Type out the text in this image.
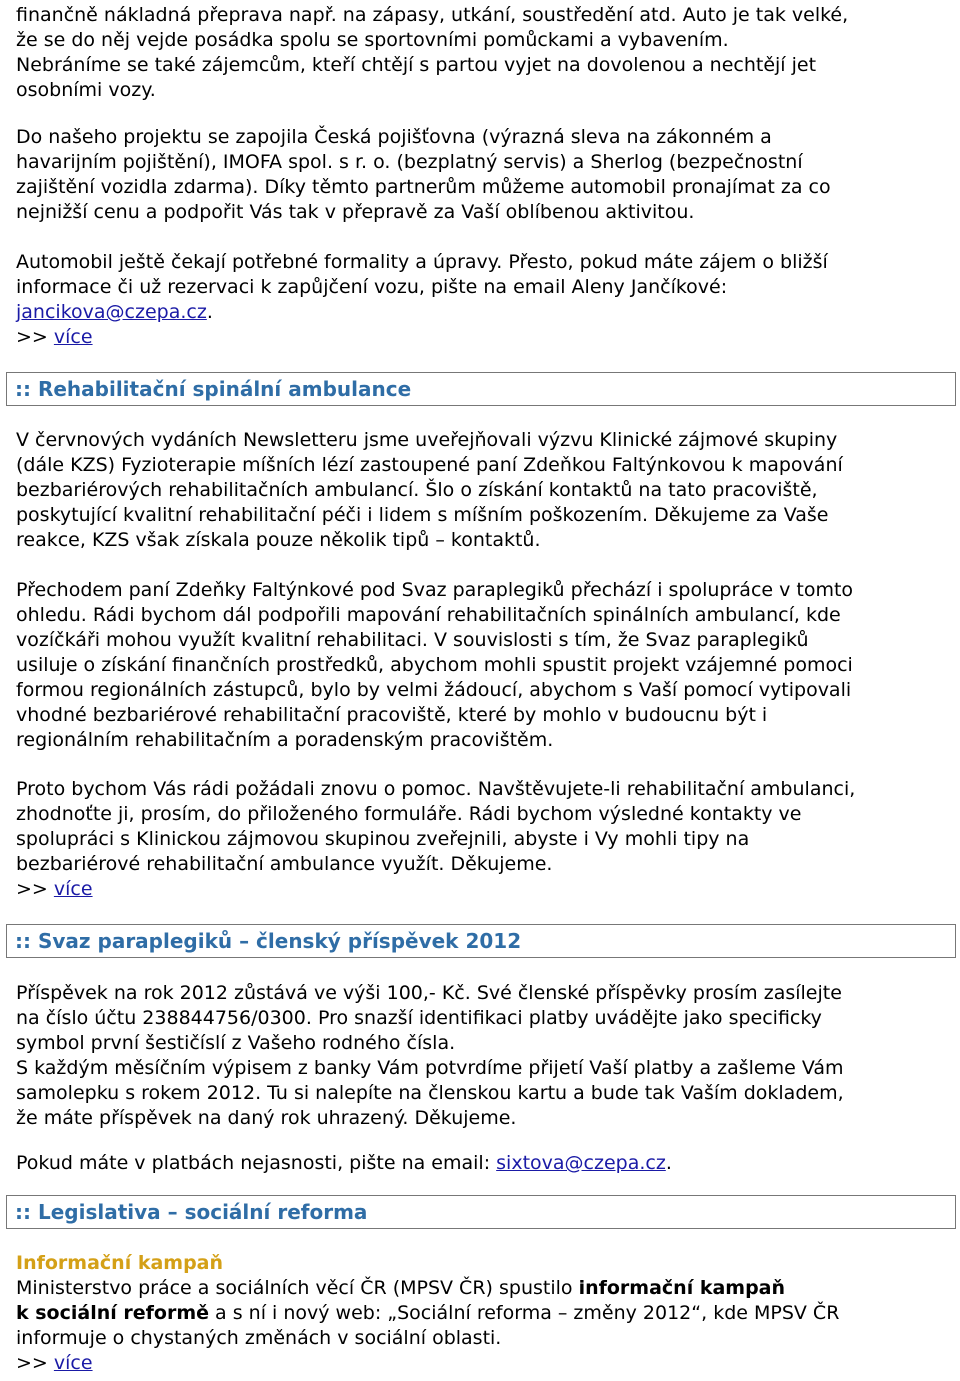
finančně nákladná přeprava např. na zápasy, utkání, soustředění atd. Auto je tak velké,

že se do něj vejde posádka spolu se sportovními pomůckami a vybavením.

Nebráníme se také zájemcům, kteří chtějí s partou vyjet na dovolenou a nechtějí jet

osobními vozy.

Do našeho projektu se zapojila Česká pojišťovna (výrazná sleva na zákonném a

havarijním pojištění), IMOFA spol. s r. o. (bezplatný servis) a Sherlog (bezpečnostní

zajištění vozidla zdarma). Díky těmto partnerům můžeme automobil pronajímat za co

nejnižší cenu a podpořit Vás tak v přepravě za Vaší oblíbenou aktivitou.

Automobil ještě čekají potřebné formality a úpravy. Přesto, pokud máte zájem o bližší

informace či už rezervaci k zapůjčení vozu, pište na email Aleny Jančíkové:

jancikova@czepa.cz.

>> více

:: Rehabilitační spinální ambulance

V červnových vydáních Newsletteru jsme uveřejňovali výzvu Klinické zájmové skupiny

(dále KZS) Fyzioterapie míšních lézí zastoupené paní Zdeňkou Faltýnkovou k mapování

bezbariérových rehabilitačních ambulancí. Šlo o získání kontaktů na tato pracoviště,

poskytující kvalitní rehabilitační péči i lidem s míšním poškozením. Děkujeme za Vaše

reakce, KZS však získala pouze několik tipů – kontaktů.

Přechodem paní Zdeňky Faltýnkové pod Svaz paraplegiků přechází i spolupráce v tomto

ohledu. Rádi bychom dál podpořili mapování rehabilitačních spinálních ambulancí, kde

vozíčkáři mohou využít kvalitní rehabilitaci. V souvislosti s tím, že Svaz paraplegiků

usiluje o získání finančních prostředků, abychom mohli spustit projekt vzájemné pomoci

formou regionálních zástupců, bylo by velmi žádoucí, abychom s Vaší pomocí vytipovali

vhodné bezbariérové rehabilitační pracoviště, které by mohlo v budoucnu být i

regionálním rehabilitačním a poradenským pracovištěm.

Proto bychom Vás rádi požádali znovu o pomoc. Navštěvujete-li rehabilitační ambulanci,

zhodnoťte ji, prosím, do přiloženého formuláře. Rádi bychom výsledné kontakty ve

spolupráci s Klinickou zájmovou skupinou zveřejnili, abyste i Vy mohli tipy na

bezbariérové rehabilitační ambulance využít. Děkujeme.

>> více

:: Svaz paraplegiků – členský příspěvek 2012

Příspěvek na rok 2012 zůstává ve výši 100,- Kč. Své členské příspěvky prosím zasílejte

na číslo účtu 238844756/0300. Pro snazší identifikaci platby uvádějte jako specificky

symbol první šestičíslí z Vašeho rodného čísla.

S každým měsíčním výpisem z banky Vám potvrdíme přijetí Vaší platby a zašleme Vám

samolepku s rokem 2012. Tu si nalepíte na členskou kartu a bude tak Vaším dokladem,

že máte příspěvek na daný rok uhrazený. Děkujeme.

Pokud máte v platbách nejasnosti, pište na email: sixtova@czepa.cz.

:: Legislativa – sociální reforma

Informační kampaň

Ministerstvo práce a sociálních věcí ČR (MPSV ČR) spustilo informační kampaň

k sociální reformě a s ní i nový web: „Sociální reforma – změny 2012“, kde MPSV ČR

informuje o chystaných změnách v sociální oblasti.

>> více
